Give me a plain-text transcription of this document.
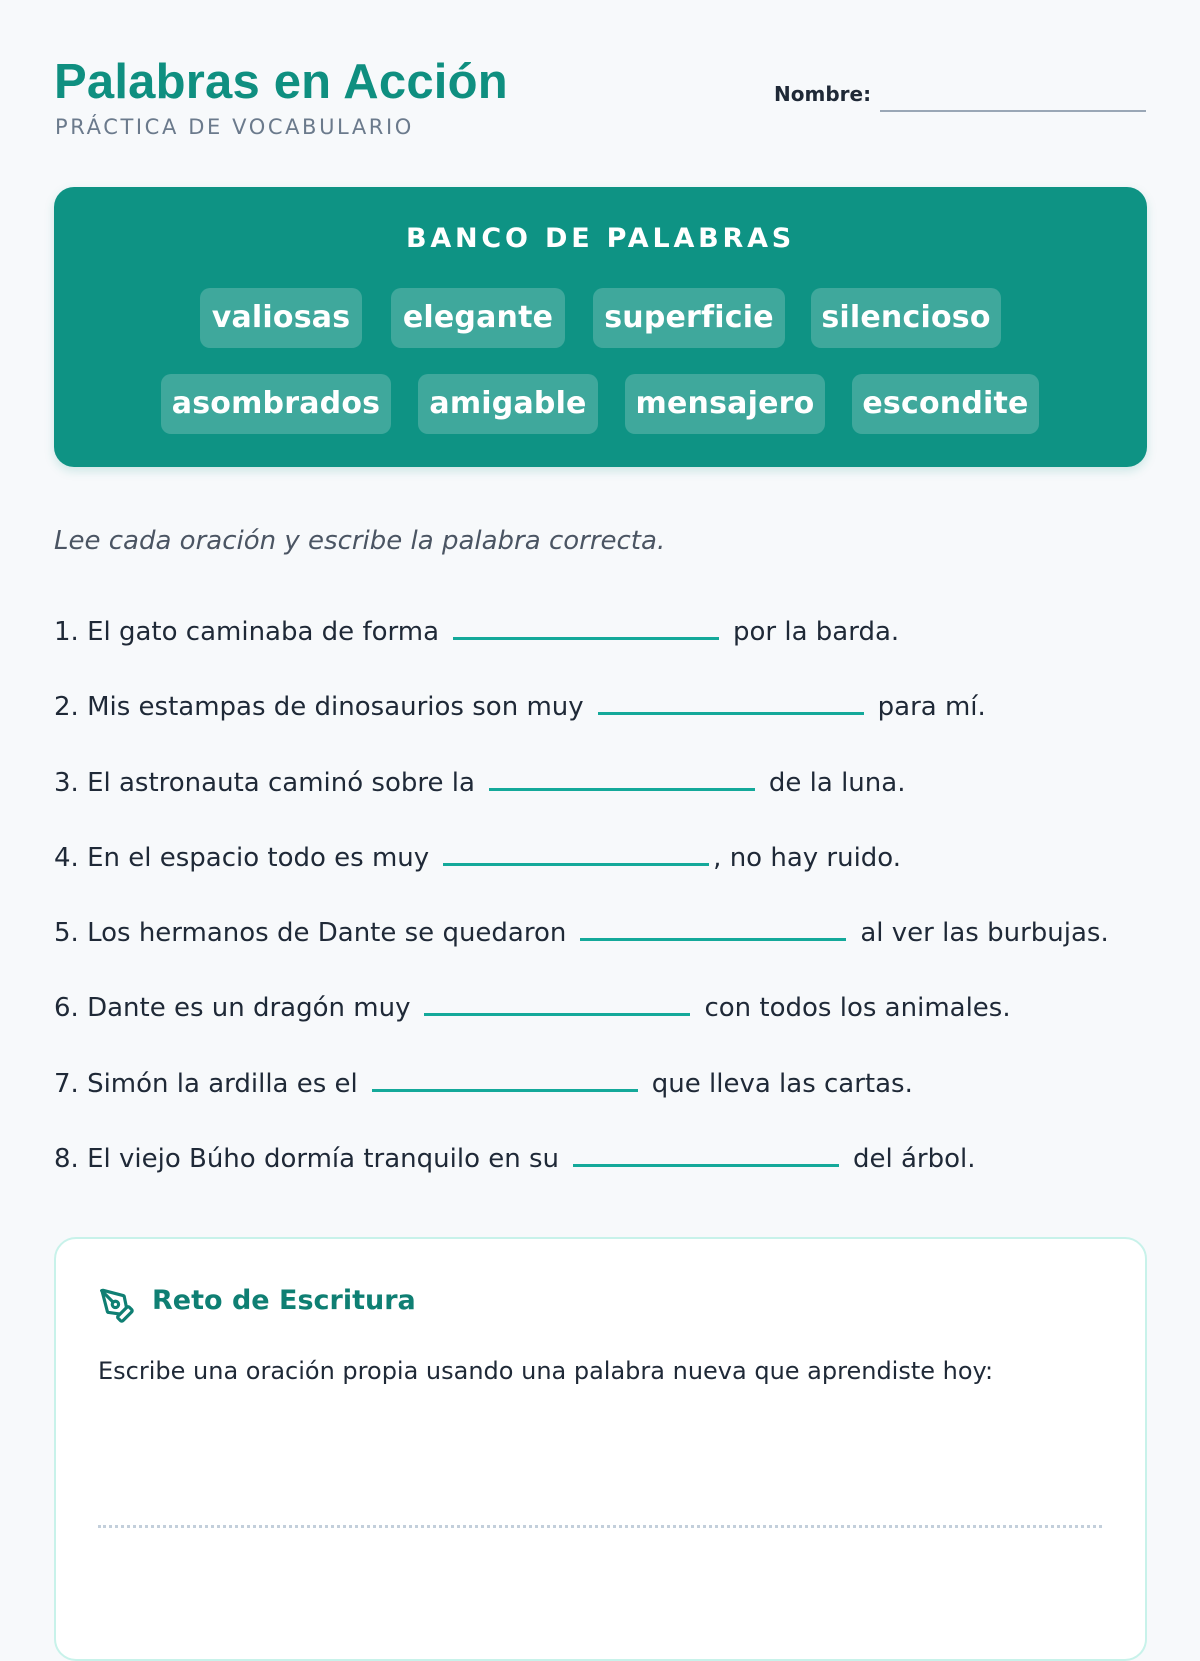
Palabras en Acción
PRÁCTICA DE VOCABULARIO
Nombre:
BANCO DE PALABRAS
valiosas	elegante	superficie	silencioso
asombrados	amigable	mensajero	escondite
Lee cada oración y escribe la palabra correcta.
1. El gato caminaba de forma	por la barda.
2. Mis estampas de dinosaurios son muy	para mí.
3. El astronauta caminó sobre la	de la luna.
4. En el espacio todo es muy	, no hay ruido.
5. Los hermanos de Dante se quedaron	al ver las burbujas.
6. Dante es un dragón muy	con todos los animales.
7. Simón la ardilla es el	que lleva las cartas.
8. El viejo Búho dormía tranquilo en su	del árbol.
Reto de Escritura
Escribe una oración propia usando una palabra nueva que aprendiste hoy:
